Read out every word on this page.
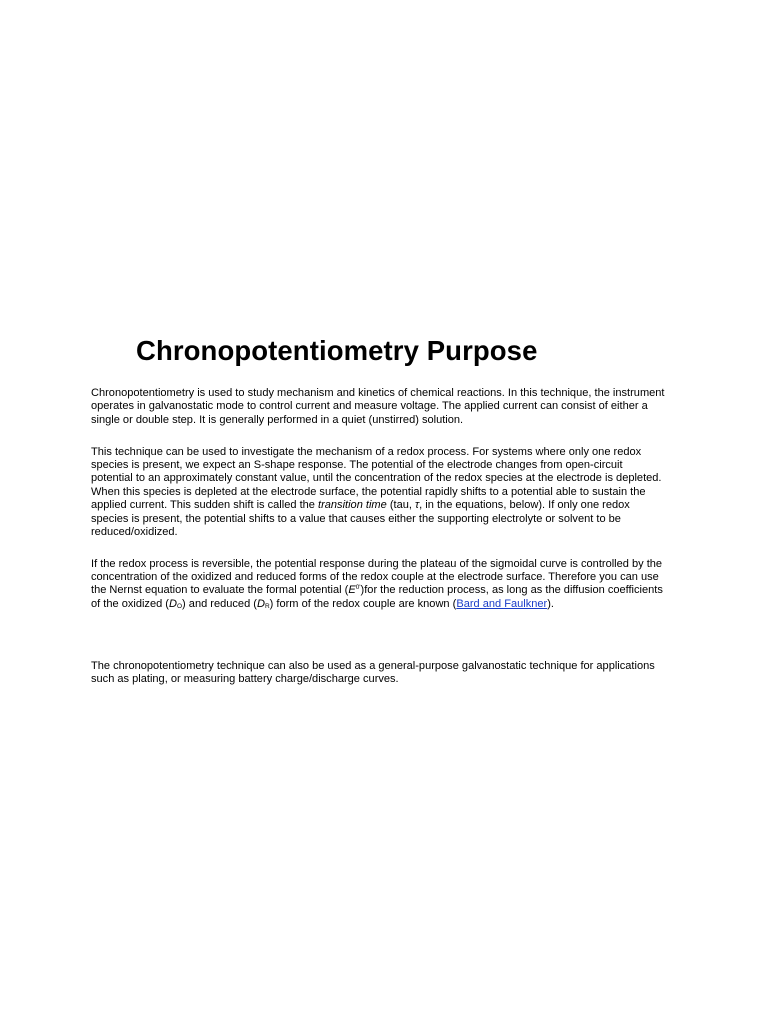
Chronopotentiometry Purpose

Chronopotentiometry is used to study mechanism and kinetics of chemical reactions. In this technique, the instrument
operates in galvanostatic mode to control current and measure voltage. The applied current can consist of either a
single or double step. It is generally performed in a quiet (unstirred) solution.

This technique can be used to investigate the mechanism of a redox process. For systems where only one redox
species is present, we expect an S-shape response. The potential of the electrode changes from open-circuit
potential to an approximately constant value, until the concentration of the redox species at the electrode is depleted.
When this species is depleted at the electrode surface, the potential rapidly shifts to a potential able to sustain the
applied current. This sudden shift is called the transition time (tau, τ, in the equations, below). If only one redox
species is present, the potential shifts to a value that causes either the supporting electrolyte or solvent to be
reduced/oxidized.

If the redox process is reversible, the potential response during the plateau of the sigmoidal curve is controlled by the
concentration of the oxidized and reduced forms of the redox couple at the electrode surface. Therefore you can use
the Nernst equation to evaluate the formal potential $(E^{0'})for$ the reduction process, as long as the diffusion coefficients
of the oxidized $(D_O)$ and reduced $(D_R)$ form of the redox couple are known (Bard and Faulkner).

The chronopotentiometry technique can also be used as a general-purpose galvanostatic technique for applications
such as plating, or measuring battery charge/discharge curves.
